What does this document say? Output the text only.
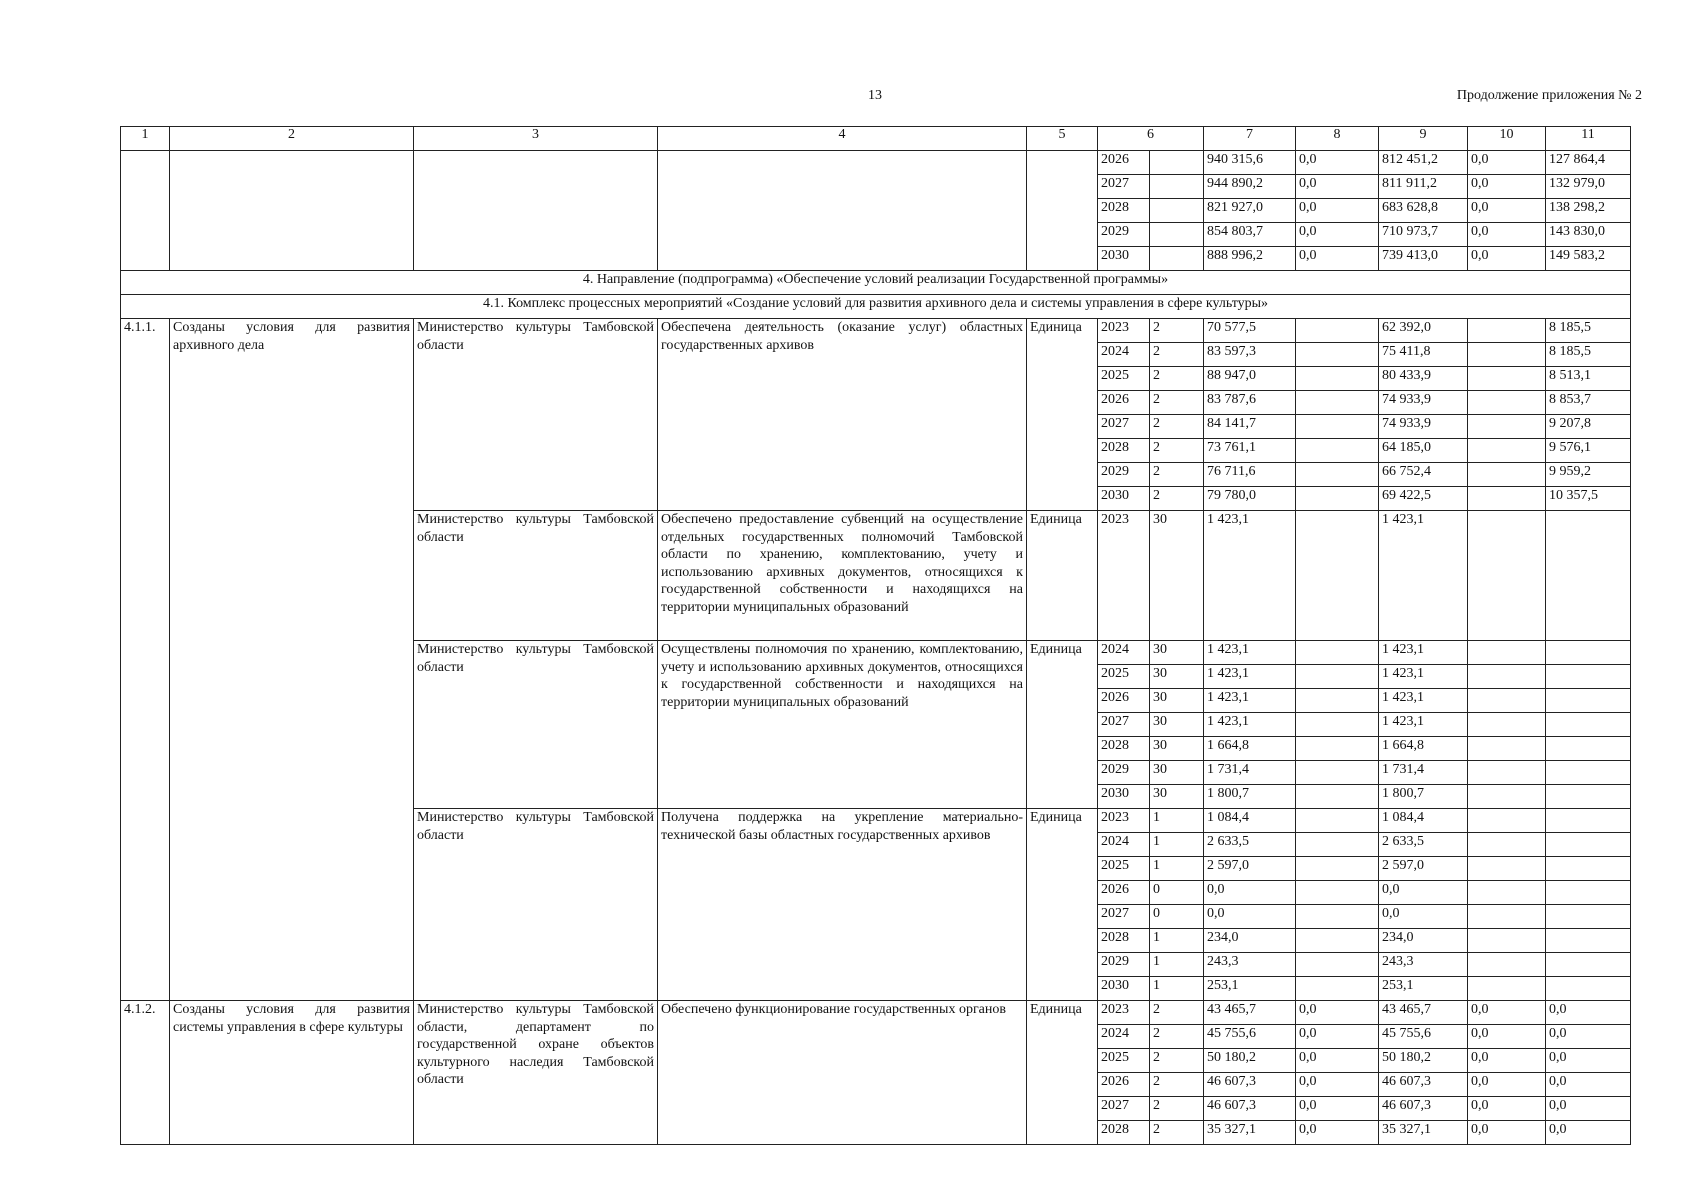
13	Продолжение приложения № 2
1	2	3	4	5	6		7	8	9	10	11
					2026		940 315,6	0,0	812 451,2	0,0	127 864,4
					2027		944 890,2	0,0	811 911,2	0,0	132 979,0
					2028		821 927,0	0,0	683 628,8	0,0	138 298,2
					2029		854 803,7	0,0	710 973,7	0,0	143 830,0
					2030		888 996,2	0,0	739 413,0	0,0	149 583,2
4. Направление (подпрограмма) «Обеспечение условий реализации Государственной программы»											
4.1. Комплекс процессных мероприятий «Создание условий для развития архивного дела и системы управления в сфере культуры»											
4.1.1.	Созданы условия для развития архивного дела	Министерство культуры Тамбовской области	Обеспечена деятельность (оказание услуг) областных государственных архивов	Единица	2023	2	70 577,5		62 392,0		8 185,5
					2024	2	83 597,3		75 411,8		8 185,5
					2025	2	88 947,0		80 433,9		8 513,1
					2026	2	83 787,6		74 933,9		8 853,7
					2027	2	84 141,7		74 933,9		9 207,8
					2028	2	73 761,1		64 185,0		9 576,1
					2029	2	76 711,6		66 752,4		9 959,2
					2030	2	79 780,0		69 422,5		10 357,5
		Министерство культуры Тамбовской области	Обеспечено предоставление субвенций на осуществление отдельных государственных полномочий Тамбовской области по хранению, комплектованию, учету и использованию архивных документов, относящихся к государственной собственности и находящихся на территории муниципальных образований	Единица	2023	30	1 423,1		1 423,1		
		Министерство культуры Тамбовской области	Осуществлены полномочия по хранению, комплектованию, учету и использованию архивных документов, относящихся к государственной собственности и находящихся на территории муниципальных образований	Единица	2024	30	1 423,1		1 423,1		
					2025	30	1 423,1		1 423,1		
					2026	30	1 423,1		1 423,1		
					2027	30	1 423,1		1 423,1		
					2028	30	1 664,8		1 664,8		
					2029	30	1 731,4		1 731,4		
					2030	30	1 800,7		1 800,7		
		Министерство культуры Тамбовской области	Получена поддержка на укрепление материально-технической базы областных государственных архивов	Единица	2023	1	1 084,4		1 084,4		
					2024	1	2 633,5		2 633,5		
					2025	1	2 597,0		2 597,0		
					2026	0	0,0		0,0		
					2027	0	0,0		0,0		
					2028	1	234,0		234,0		
					2029	1	243,3		243,3		
					2030	1	253,1		253,1		
4.1.2.	Созданы условия для развития системы управления в сфере культуры	Министерство культуры Тамбовской области, департамент по государственной охране объектов культурного наследия Тамбовской области	Обеспечено функционирование государственных органов	Единица	2023	2	43 465,7	0,0	43 465,7	0,0	0,0
					2024	2	45 755,6	0,0	45 755,6	0,0	0,0
					2025	2	50 180,2	0,0	50 180,2	0,0	0,0
					2026	2	46 607,3	0,0	46 607,3	0,0	0,0
					2027	2	46 607,3	0,0	46 607,3	0,0	0,0
					2028	2	35 327,1	0,0	35 327,1	0,0	0,0
